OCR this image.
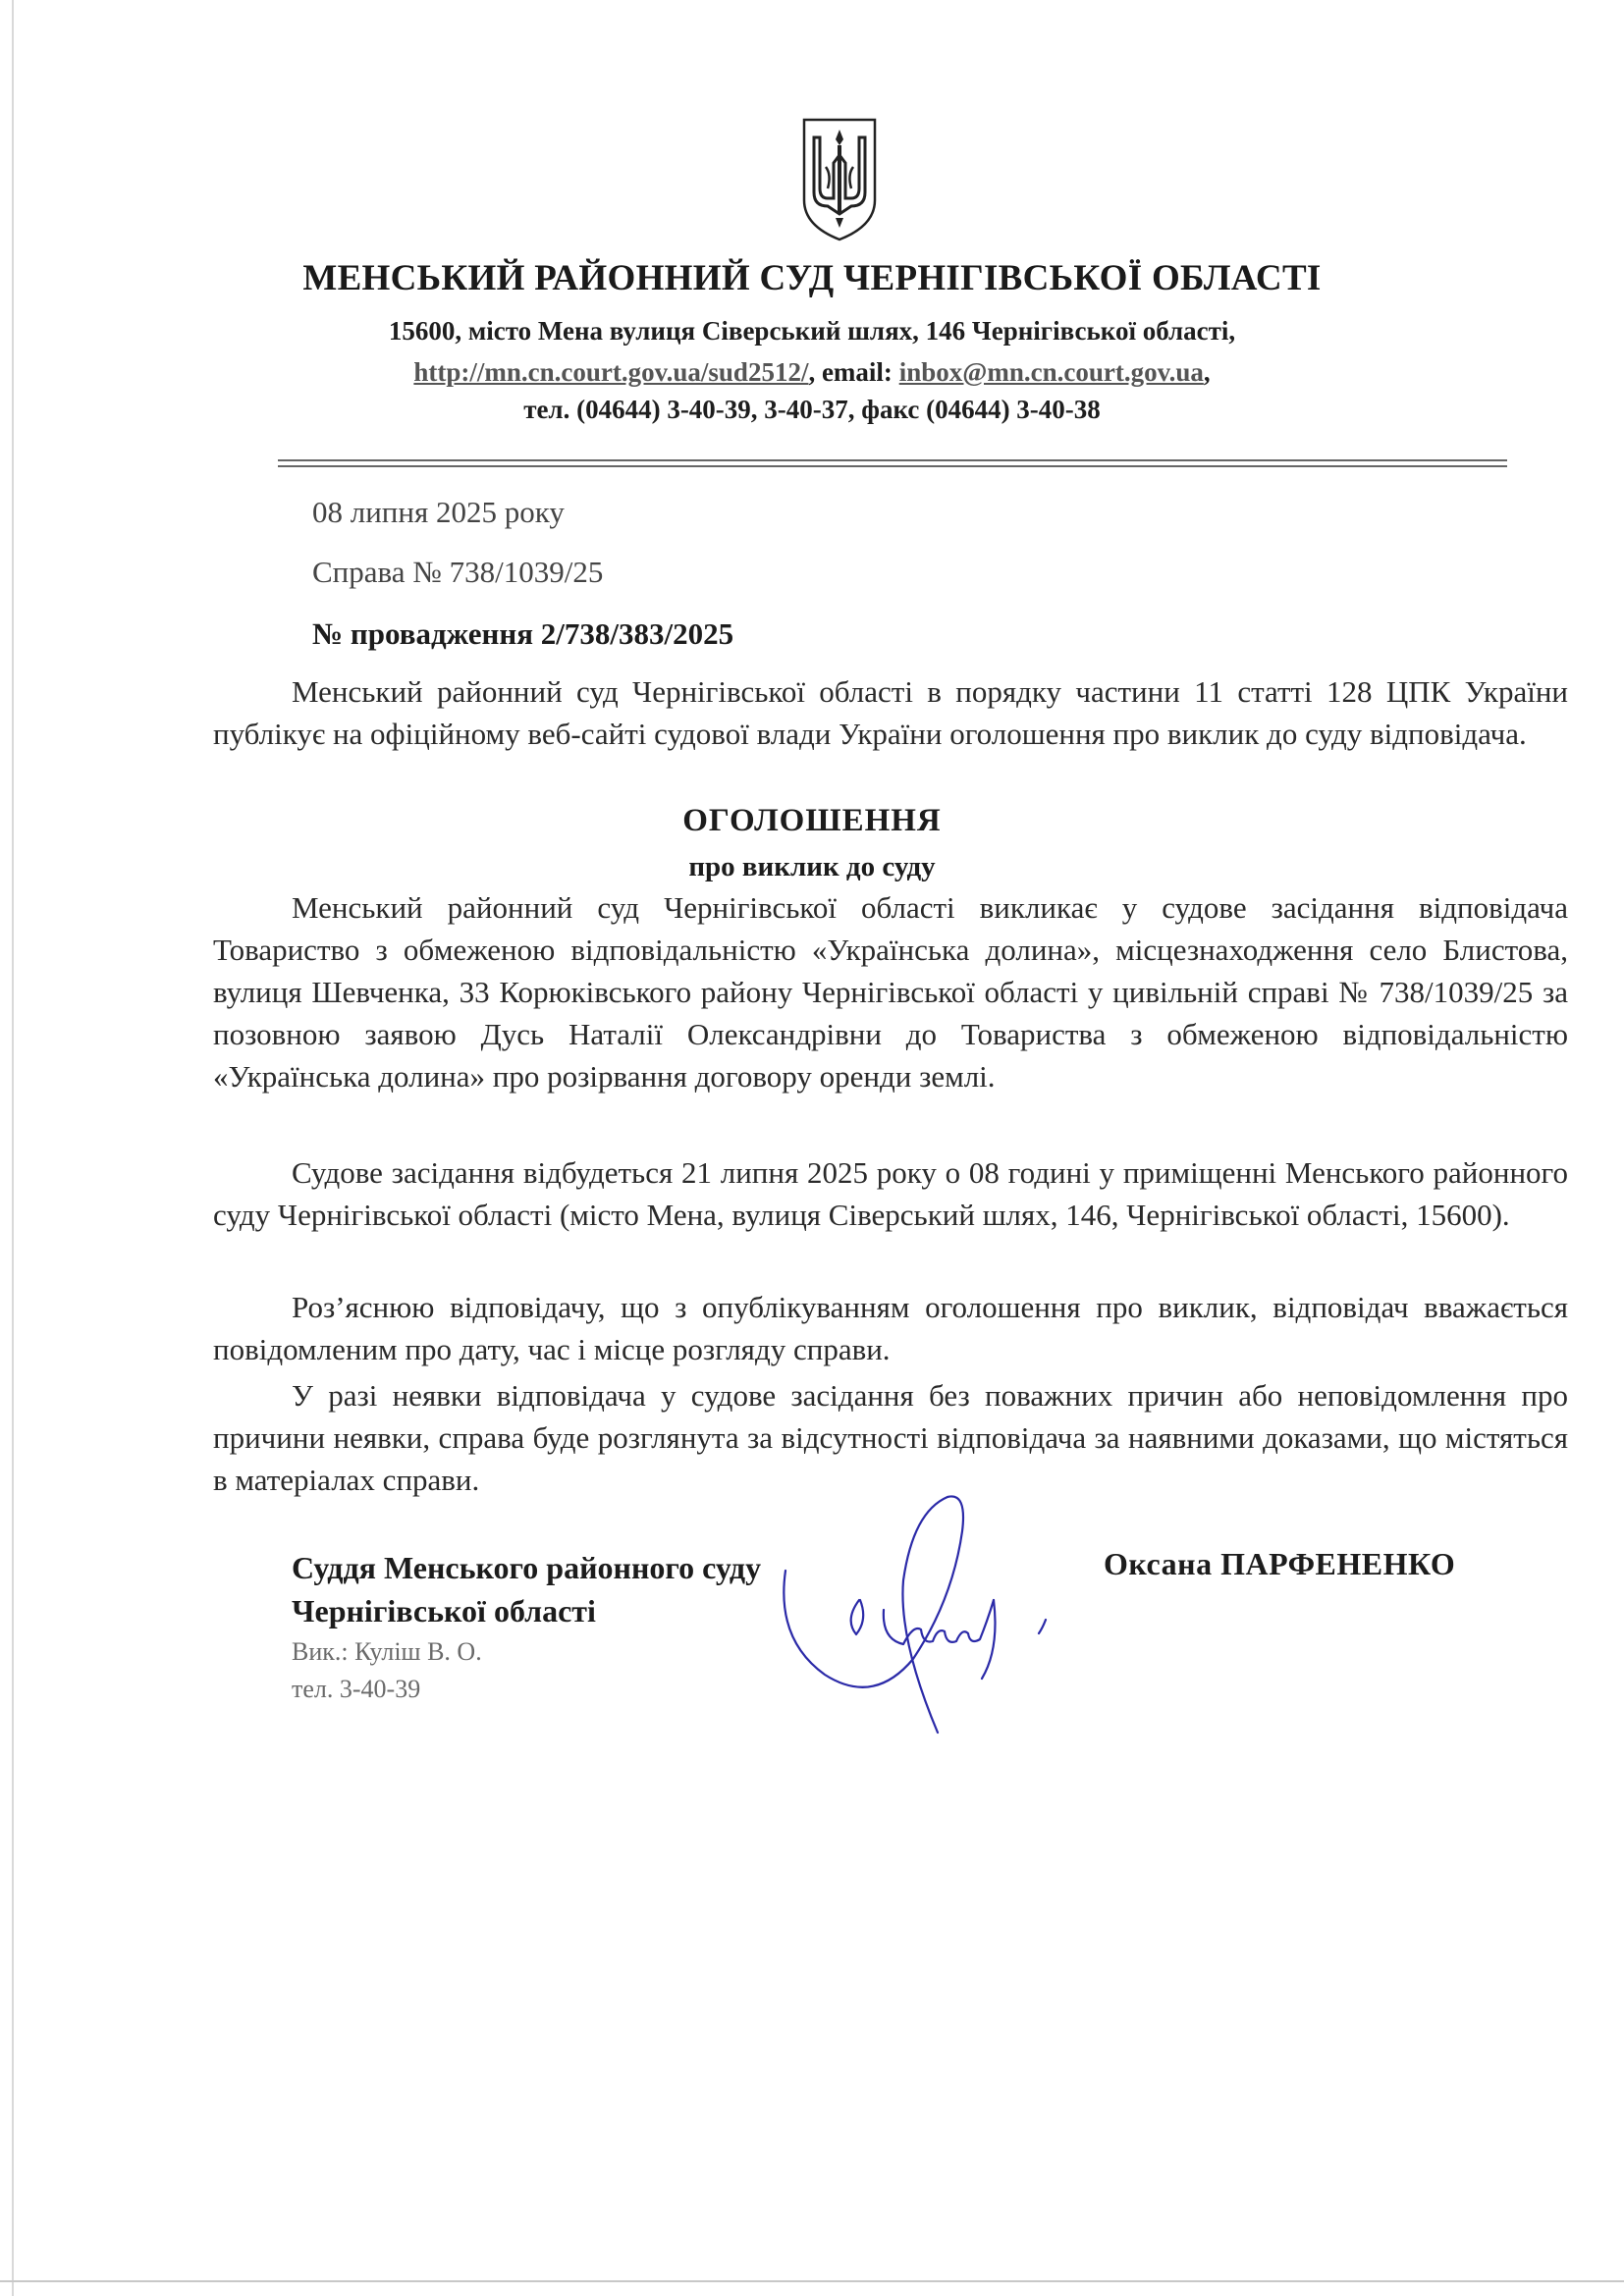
МЕНСЬКИЙ РАЙОННИЙ СУД ЧЕРНІГІВСЬКОЇ ОБЛАСТІ
15600, місто Мена вулиця Сіверський шлях, 146 Чернігівської області,
http://mn.cn.court.gov.ua/sud2512/, email: inbox@mn.cn.court.gov.ua,
тел. (04644) 3-40-39, 3-40-37, факс (04644) 3-40-38
08 липня 2025 року
Справа № 738/1039/25
№ провадження 2/738/383/2025

Менський районний суд Чернігівської області в порядку частини 11 статті 128 ЦПК України публікує на офіційному веб-сайті судової влади України оголошення про виклик до суду відповідача.

ОГОЛОШЕННЯ
про виклик до суду

Менський районний суд Чернігівської області викликає у судове засідання відповідача Товариство з обмеженою відповідальністю «Українська долина», місцезнаходження село Блистова, вулиця Шевченка, 33 Корюківського району Чернігівської області у цивільній справі № 738/1039/25 за позовною заявою Дусь Наталії Олександрівни до Товариства з обмеженою відповідальністю «Українська долина» про розірвання договору оренди землі.

Судове засідання відбудеться 21 липня 2025 року о 08 годині у приміщенні Менського районного суду Чернігівської області (місто Мена, вулиця Сіверський шлях, 146, Чернігівської області, 15600).

Роз’яснюю відповідачу, що з опублікуванням оголошення про виклик, відповідач вважається повідомленим про дату, час і місце розгляду справи.

У разі неявки відповідача у судове засідання без поважних причин або неповідомлення про причини неявки, справа буде розглянута за відсутності відповідача за наявними доказами, що містяться в матеріалах справи.

Суддя Менського районного суду
Чернігівської області
Оксана ПАРФЕНЕНКО
Вик.: Куліш В. О.
тел. 3-40-39
